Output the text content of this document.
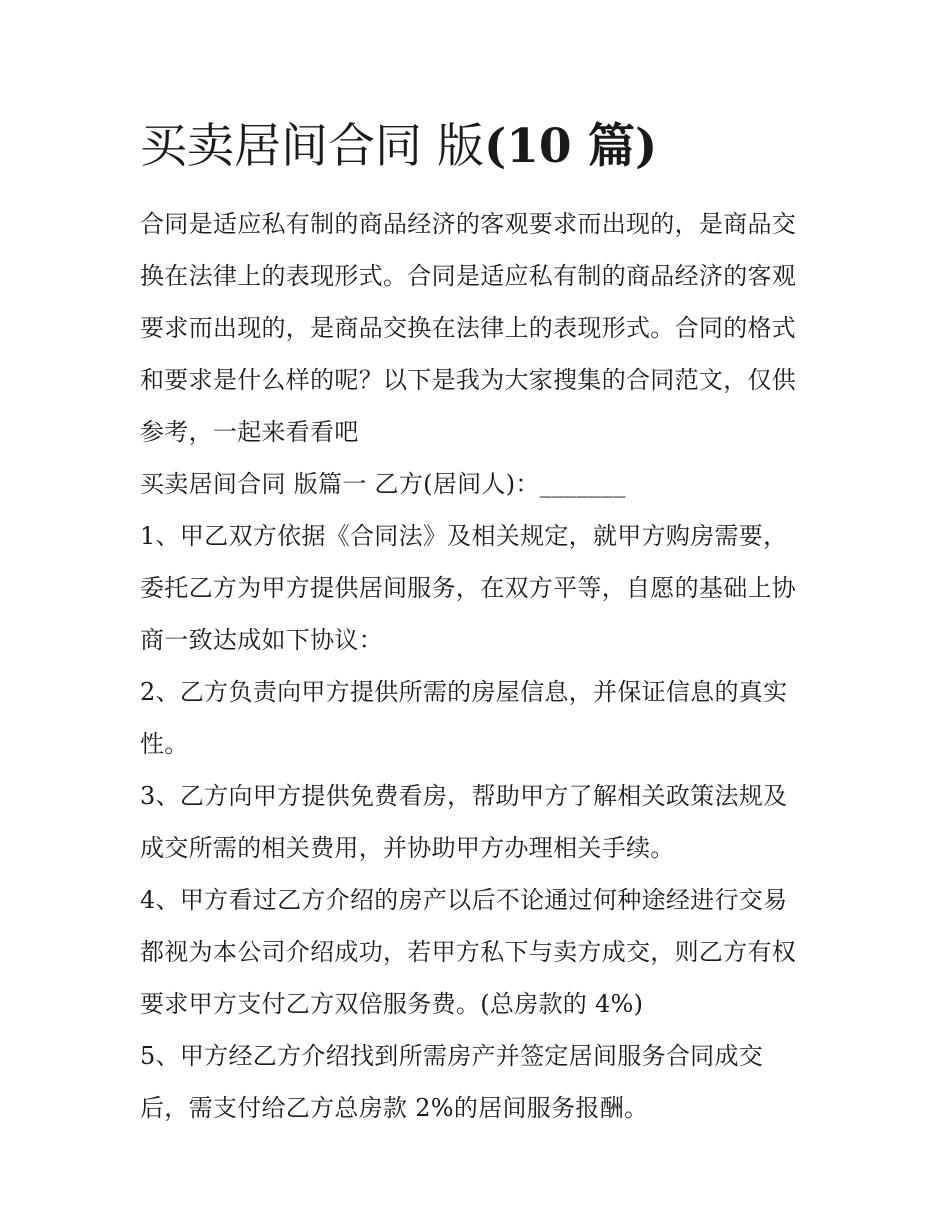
买卖居间合同 版(10 篇)

合同是适应私有制的商品经济的客观要求而出现的，是商品交
换在法律上的表现形式。合同是适应私有制的商品经济的客观
要求而出现的，是商品交换在法律上的表现形式。合同的格式
和要求是什么样的呢？以下是我为大家搜集的合同范文，仅供
参考，一起来看看吧

买卖居间合同 版篇一 乙方(居间人)：_______

1、甲乙双方依据《合同法》及相关规定，就甲方购房需要，
委托乙方为甲方提供居间服务，在双方平等，自愿的基础上协
商一致达成如下协议：

2、乙方负责向甲方提供所需的房屋信息，并保证信息的真实
性。

3、乙方向甲方提供免费看房，帮助甲方了解相关政策法规及
成交所需的相关费用，并协助甲方办理相关手续。

4、甲方看过乙方介绍的房产以后不论通过何种途经进行交易
都视为本公司介绍成功，若甲方私下与卖方成交，则乙方有权
要求甲方支付乙方双倍服务费。(总房款的 4%)

5、甲方经乙方介绍找到所需房产并签定居间服务合同成交
后，需支付给乙方总房款 2%的居间服务报酬。
